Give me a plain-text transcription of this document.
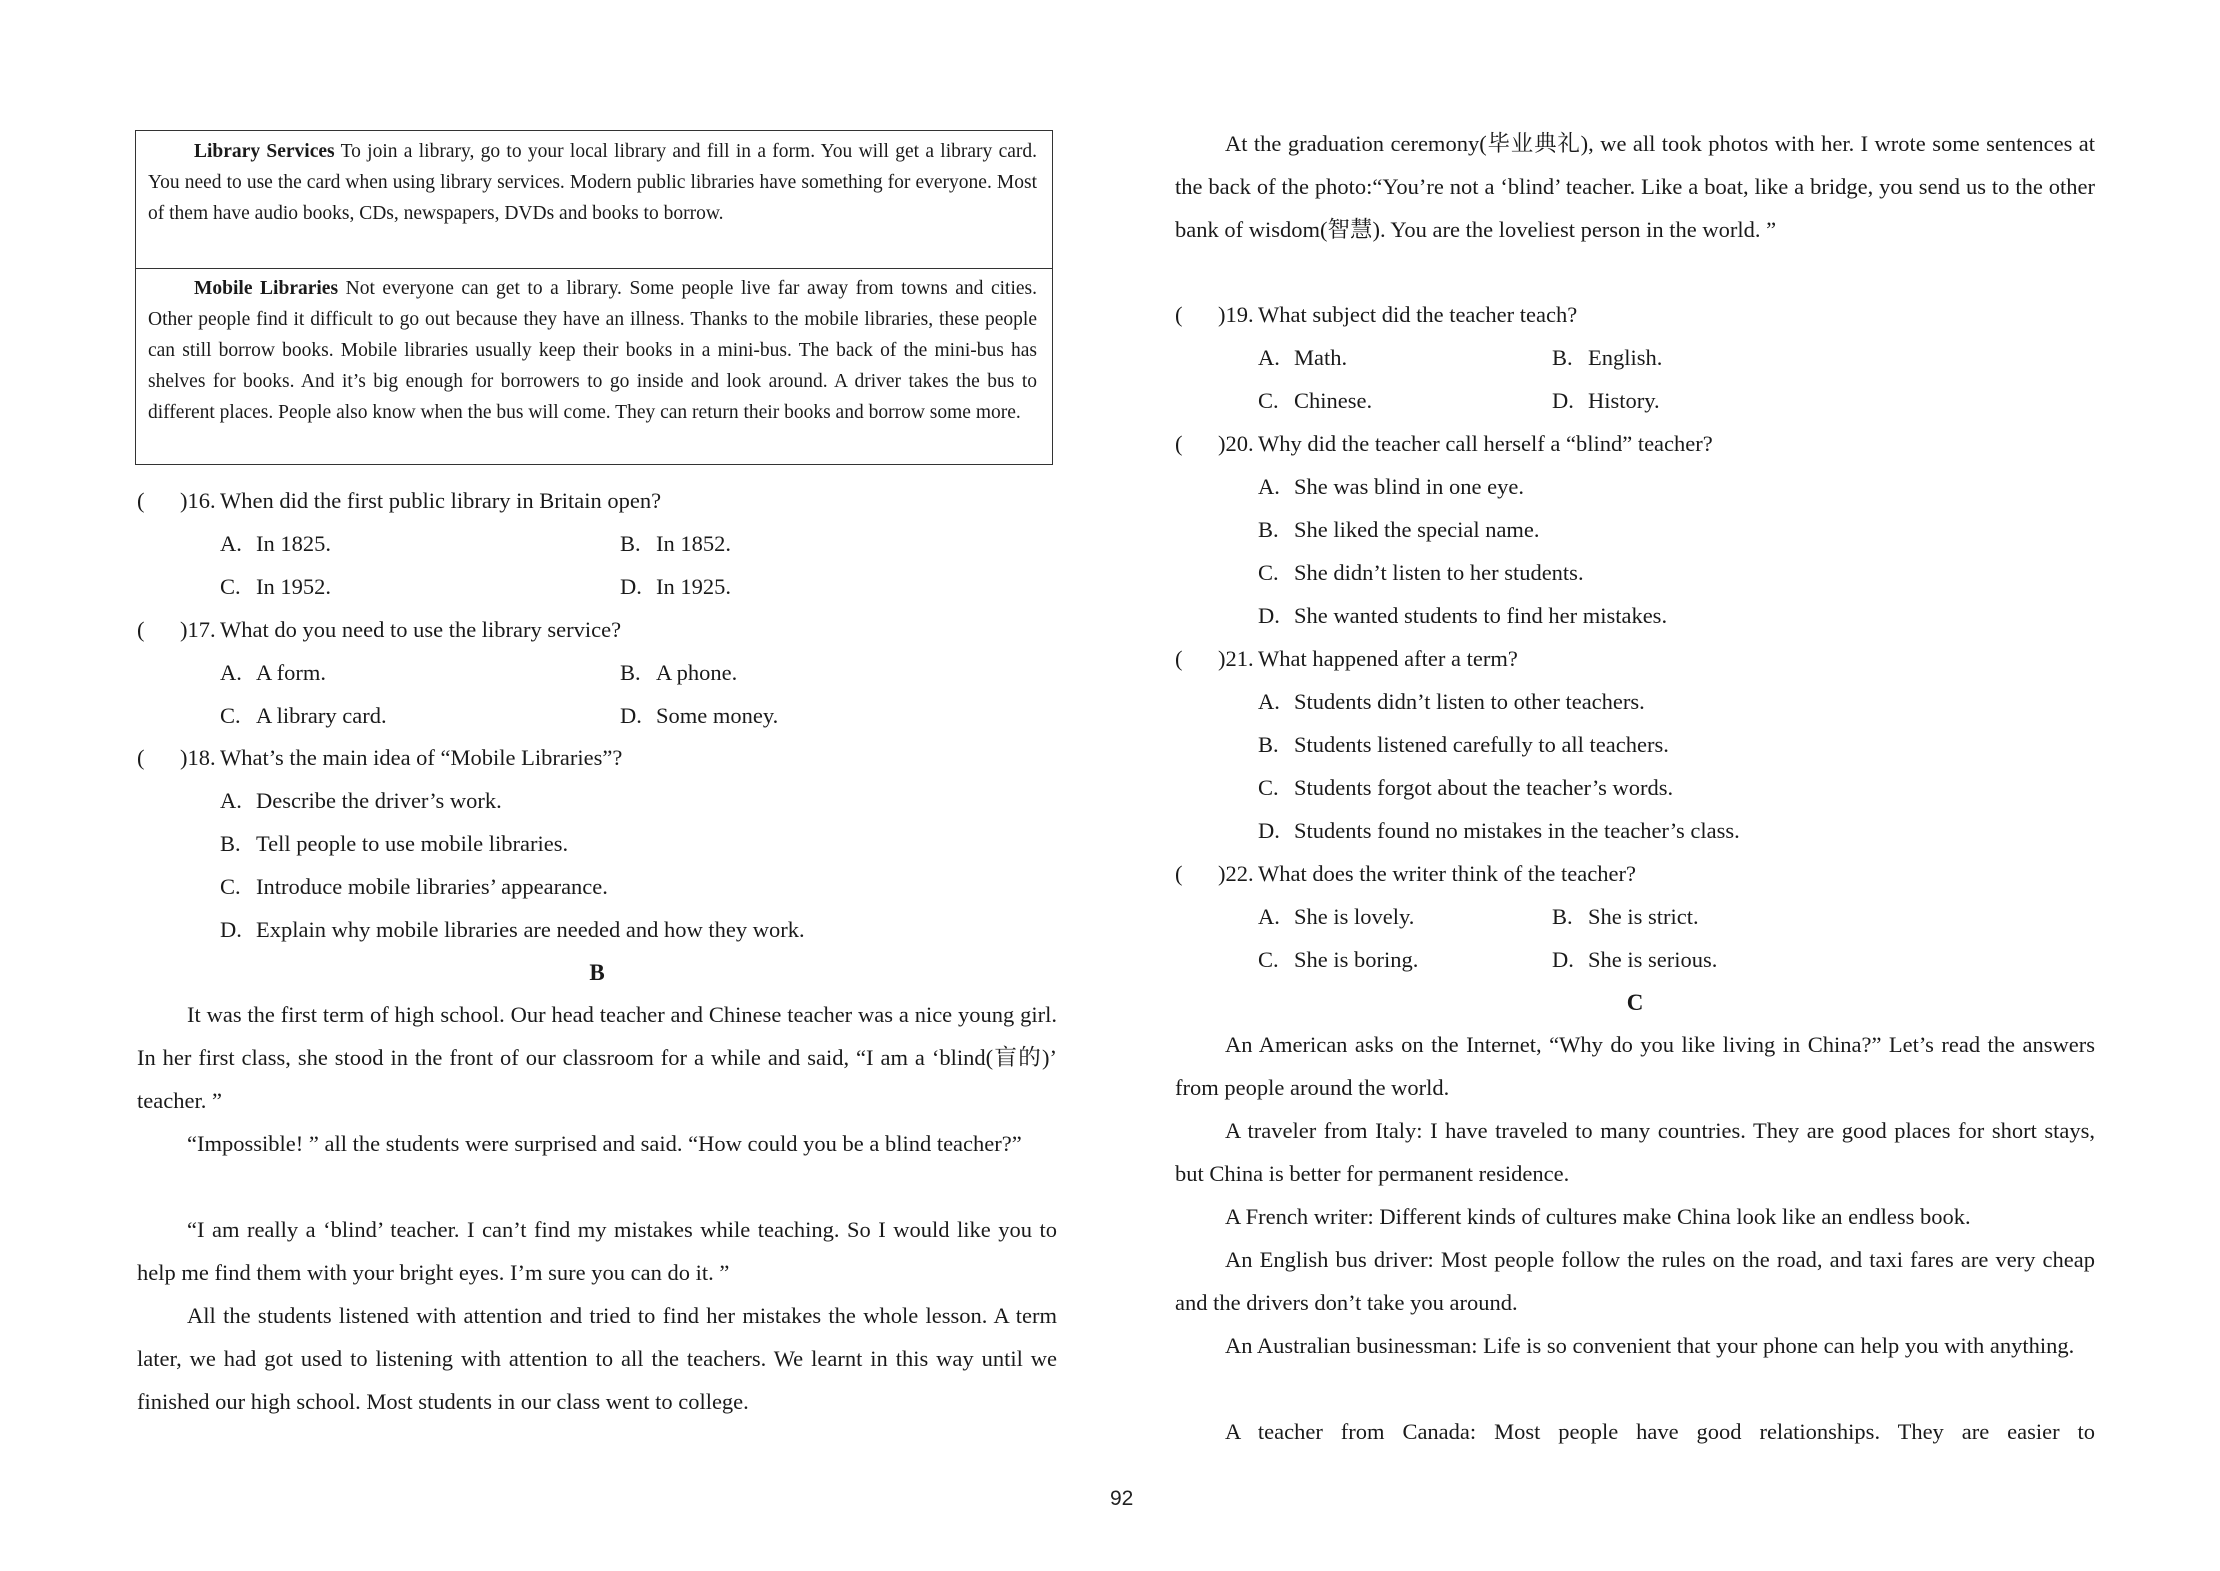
Library Services To join a library, go to your local library and fill in a form. You will get a library card. You need to use the card when using library services. Modern public libraries have something for everyone. Most of them have audio books, CDs, newspapers, DVDs and books to borrow.
Mobile Libraries Not everyone can get to a library. Some people live far away from towns and cities. Other people find it difficult to go out because they have an illness. Thanks to the mobile libraries, these people can still borrow books. Mobile libraries usually keep their books in a mini-bus. The back of the mini-bus has shelves for books. And it’s big enough for borrowers to go inside and look around. A driver takes the bus to different places. People also know when the bus will come. They can return their books and borrow some more.
( )16. When did the first public library in Britain open?
A. In 1825.	B. In 1852.
C. In 1952.	D. In 1925.
( )17. What do you need to use the library service?
A. A form.	B. A phone.
C. A library card.	D. Some money.
( )18. What’s the main idea of “Mobile Libraries”?
A. Describe the driver’s work.
B. Tell people to use mobile libraries.
C. Introduce mobile libraries’ appearance.
D. Explain why mobile libraries are needed and how they work.
B
It was the first term of high school. Our head teacher and Chinese teacher was a nice young girl. In her first class, she stood in the front of our classroom for a while and said, “I am a ‘blind(盲的)’ teacher. ”
“Impossible! ” all the students were surprised and said. “How could you be a blind teacher?”
“I am really a ‘blind’ teacher. I can’t find my mistakes while teaching. So I would like you to help me find them with your bright eyes. I’m sure you can do it. ”
All the students listened with attention and tried to find her mistakes the whole lesson. A term later, we had got used to listening with attention to all the teachers. We learnt in this way until we finished our high school. Most students in our class went to college.
At the graduation ceremony(毕业典礼), we all took photos with her. I wrote some sentences at the back of the photo:“You’re not a ‘blind’ teacher. Like a boat, like a bridge, you send us to the other bank of wisdom(智慧). You are the loveliest person in the world. ”
( )19. What subject did the teacher teach?
A. Math.	B. English.
C. Chinese.	D. History.
( )20. Why did the teacher call herself a “blind” teacher?
A. She was blind in one eye.
B. She liked the special name.
C. She didn’t listen to her students.
D. She wanted students to find her mistakes.
( )21. What happened after a term?
A. Students didn’t listen to other teachers.
B. Students listened carefully to all teachers.
C. Students forgot about the teacher’s words.
D. Students found no mistakes in the teacher’s class.
( )22. What does the writer think of the teacher?
A. She is lovely.	B. She is strict.
C. She is boring.	D. She is serious.
C
An American asks on the Internet, “Why do you like living in China?” Let’s read the answers from people around the world.
A traveler from Italy: I have traveled to many countries. They are good places for short stays, but China is better for permanent residence.
A French writer: Different kinds of cultures make China look like an endless book.
An English bus driver: Most people follow the rules on the road, and taxi fares are very cheap and the drivers don’t take you around.
An Australian businessman: Life is so convenient that your phone can help you with anything.
A teacher from Canada: Most people have good relationships. They are easier to
92
